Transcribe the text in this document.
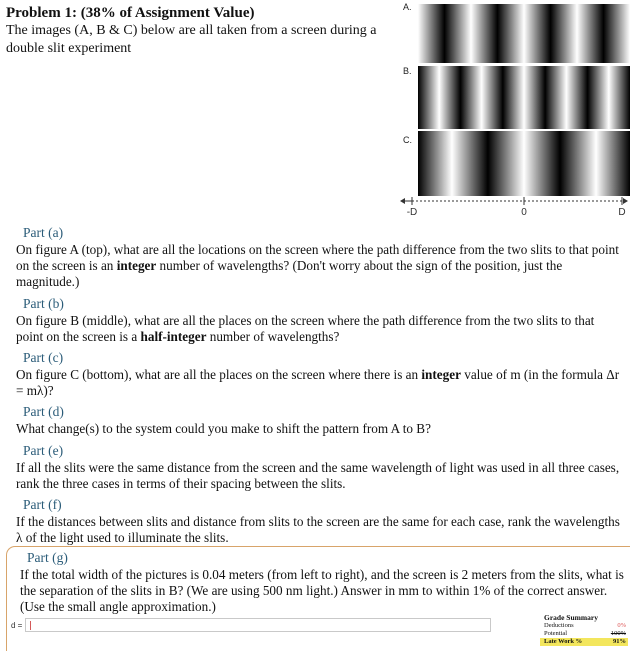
Problem 1: (38% of Assignment Value)
The images (A, B & C) below are all taken from a screen during a double slit experiment
A.
B.
C.
-D	0	D
Part (a)
On figure A (top), what are all the locations on the screen where the path difference from the two slits to that point on the screen is an integer number of wavelengths? (Don't worry about the sign of the position, just the magnitude.)
Part (b)
On figure B (middle), what are all the places on the screen where the path difference from the two slits to that point on the screen is a half-integer number of wavelengths?
Part (c)
On figure C (bottom), what are all the places on the screen where there is an integer value of m (in the formula Δr = mλ)?
Part (d)
What change(s) to the system could you make to shift the pattern from A to B?
Part (e)
If all the slits were the same distance from the screen and the same wavelength of light was used in all three cases, rank the three cases in terms of their spacing between the slits.
Part (f)
If the distances between slits and distance from slits to the screen are the same for each case, rank the wavelengths λ of the light used to illuminate the slits.
Part (g)
If the total width of the pictures is 0.04 meters (from left to right), and the screen is 2 meters from the slits, what is the separation of the slits in B? (We are using 500 nm light.) Answer in mm to within 1% of the correct answer. (Use the small angle approximation.)
d =
Grade Summary
Deductions	0%
Potential	100%
Late Work %	91%
